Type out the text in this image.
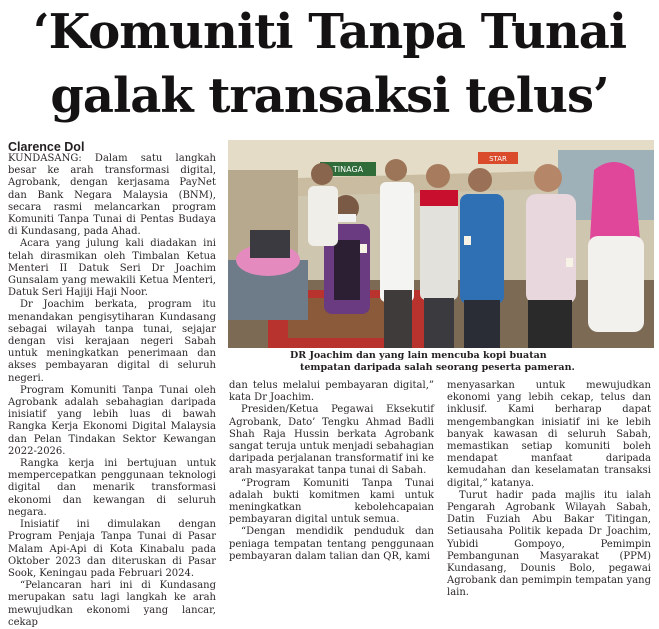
‘Komuniti Tanpa Tunai
galak transaksi telus’
Clarence Dol

KUNDASANG: Dalam satu langkah besar ke arah transformasi digital, Agrobank, dengan kerjasama PayNet dan Bank Negara Malaysia (BNM), secara rasmi melancarkan program Komuniti Tanpa Tunai di Pentas Budaya di Kundasang, pada Ahad.

Acara yang julung kali diadakan ini telah dirasmikan oleh Timbalan Ketua Menteri II Datuk Seri Dr Joachim Gunsalam yang mewakili Ketua Menteri, Datuk Seri Hajiji Haji Noor.

Dr Joachim berkata, program itu menandakan pengisytiharan Kundasang sebagai wilayah tanpa tunai, sejajar dengan visi kerajaan negeri Sabah untuk meningkatkan penerimaan dan akses pembayaran digital di seluruh negeri.

Program Komuniti Tanpa Tunai oleh Agrobank adalah sebahagian daripada inisiatif yang lebih luas di bawah Rangka Kerja Ekonomi Digital Malaysia dan Pelan Tindakan Sektor Kewangan 2022-2026.

Rangka kerja ini bertujuan untuk mempercepatkan penggunaan teknologi digital dan menarik transformasi ekonomi dan kewangan di seluruh negara.

Inisiatif ini dimulakan dengan Program Penjaja Tanpa Tunai di Pasar Malam Api-Api di Kota Kinabalu pada Oktober 2023 dan diteruskan di Pasar Sook, Keningau pada Februari 2024.

“Pelancaran hari ini di Kundasang merupakan satu lagi langkah ke arah mewujudkan ekonomi yang lancar, cekap

TINAGA
STAR
DR Joachim dan yang lain mencuba kopi buatan
tempatan daripada salah seorang peserta pameran.

dan telus melalui pembayaran digital,” kata Dr Joachim.

Presiden/Ketua Pegawai Eksekutif Agrobank, Dato’ Tengku Ahmad Badli Shah Raja Hussin berkata Agrobank sangat teruja untuk menjadi sebahagian daripada perjalanan transformatif ini ke arah masyarakat tanpa tunai di Sabah.

“Program Komuniti Tanpa Tunai adalah bukti komitmen kami untuk meningkatkan kebolehcapaian pembayaran digital untuk semua.

“Dengan mendidik penduduk dan peniaga tempatan tentang penggunaan pembayaran dalam talian dan QR, kami

menyasarkan untuk mewujudkan ekonomi yang lebih cekap, telus dan inklusif. Kami berharap dapat mengembangkan inisiatif ini ke lebih banyak kawasan di seluruh Sabah, memastikan setiap komuniti boleh mendapat manfaat daripada kemudahan dan keselamatan transaksi digital,” katanya.

Turut hadir pada majlis itu ialah Pengarah Agrobank Wilayah Sabah, Datin Fuziah Abu Bakar Titingan, Setiausaha Politik kepada Dr Joachim, Yubidi Gompoyo, Pemimpin Pembangunan Masyarakat (PPM) Kundasang, Dounis Bolo, pegawai Agrobank dan pemimpin tempatan yang lain.
